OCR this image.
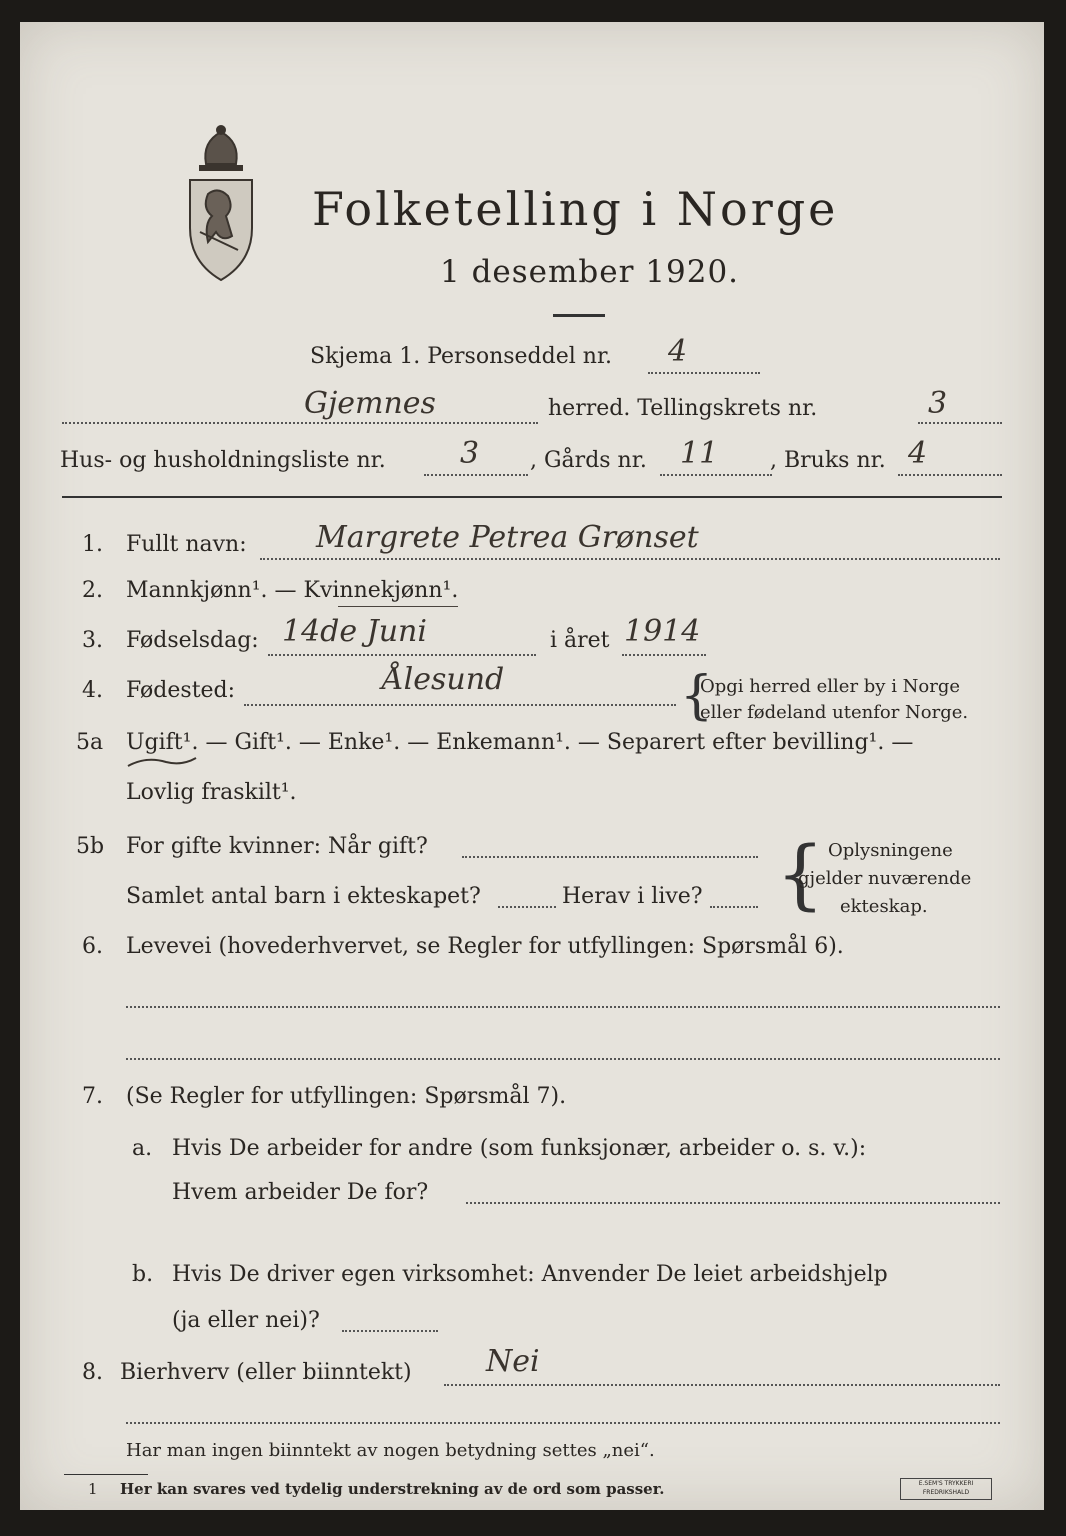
Folketelling i Norge
1 desember 1920.
Skjema 1. Personseddel nr. 4
Gjemnes	herred. Tellingskrets nr.	3
Hus- og husholdningsliste nr. 3 , Gårds nr. 11 , Bruks nr. 4
1. Fullt navn: Margrete Petrea Grønset
2. Mannkjønn¹. — Kvinnekjønn¹.
3. Fødselsdag: 14de Juni	i året 1914
4. Fødested:	Ålesund	{
Opgi herred eller by i Norge
eller fødeland utenfor Norge.
5a Ugift¹. — Gift¹. — Enke¹. — Enkemann¹. — Separert efter bevilling¹. —
Lovlig fraskilt¹.
5b For gifte kvinner: Når gift?
Samlet antal barn i ekteskapet?	Herav i live? { Oplysningene
gjelder nuværende
ekteskap.
6. Levevei (hovederhvervet, se Regler for utfyllingen: Spørsmål 6).
7. (Se Regler for utfyllingen: Spørsmål 7).
a. Hvis De arbeider for andre (som funksjonær, arbeider o. s. v.):
Hvem arbeider De for?
b. Hvis De driver egen virksomhet: Anvender De leiet arbeidshjelp
(ja eller nei)?
8. Bierhverv (eller biinntekt) Nei
Har man ingen biinntekt av nogen betydning settes „nei“.
1 Her kan svares ved tydelig understrekning av de ord som passer.	E.SEM'S TRYKKERI FREDRIKSHALD
